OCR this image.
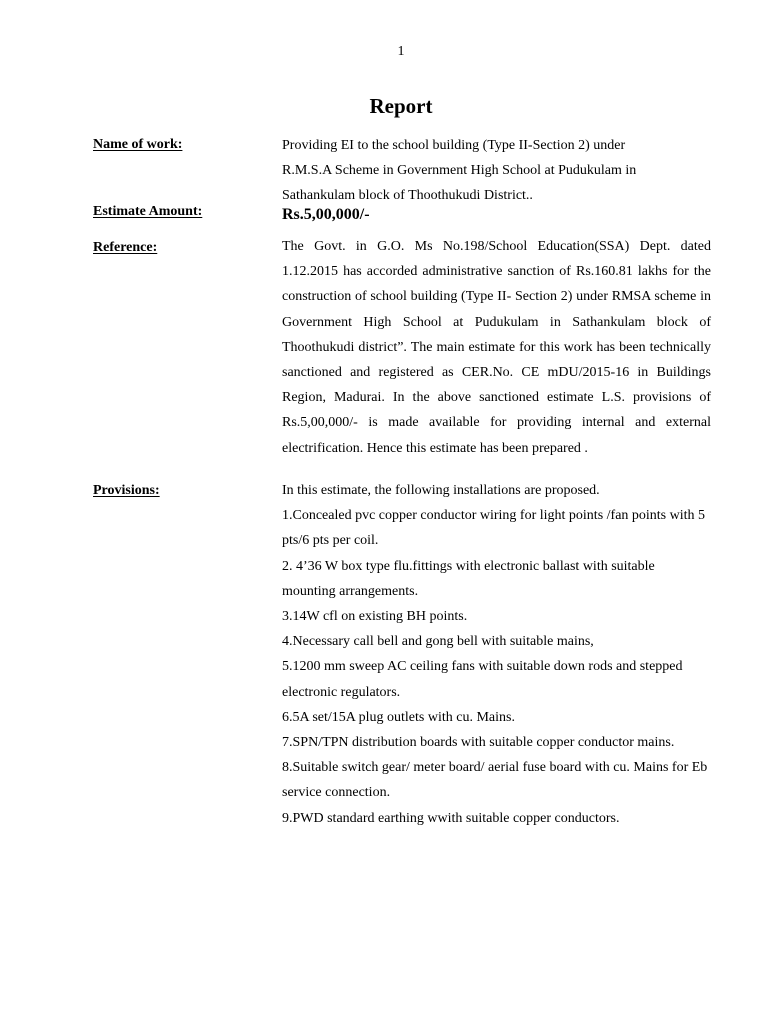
1
Report
Name of work:	Providing EI to the school building (Type II-Section 2) under
R.M.S.A Scheme in Government High School at Pudukulam in
Sathankulam block of Thoothukudi District..
Estimate Amount:	Rs.5,00,000/-
Reference:	The Govt. in G.O. Ms No.198/School Education(SSA) Dept. dated 1.12.2015 has accorded administrative sanction of Rs.160.81 lakhs for the construction of school building (Type II- Section 2) under RMSA scheme in Government High School at Pudukulam in Sathankulam block of Thoothukudi district”. The main estimate for this work has been technically sanctioned and registered as CER.No. CE mDU/2015-16 in Buildings Region, Madurai. In the above sanctioned estimate L.S. provisions of Rs.5,00,000/- is made available for providing internal and external electrification. Hence this estimate has been prepared .
Provisions:	In this estimate, the following installations are proposed.
1.Concealed pvc copper conductor wiring for light points /fan points with 5 pts/6 pts per coil.
2. 4’36 W box type flu.fittings with electronic ballast with suitable mounting arrangements.
3.14W cfl on existing BH points.
4.Necessary call bell and gong bell with suitable mains,
5.1200 mm sweep AC ceiling fans with suitable down rods and stepped electronic regulators.
6.5A set/15A plug outlets with cu. Mains.
7.SPN/TPN distribution boards with suitable copper conductor mains.
8.Suitable switch gear/ meter board/ aerial fuse board with cu. Mains for Eb service connection.
9.PWD standard earthing wwith suitable copper conductors.
